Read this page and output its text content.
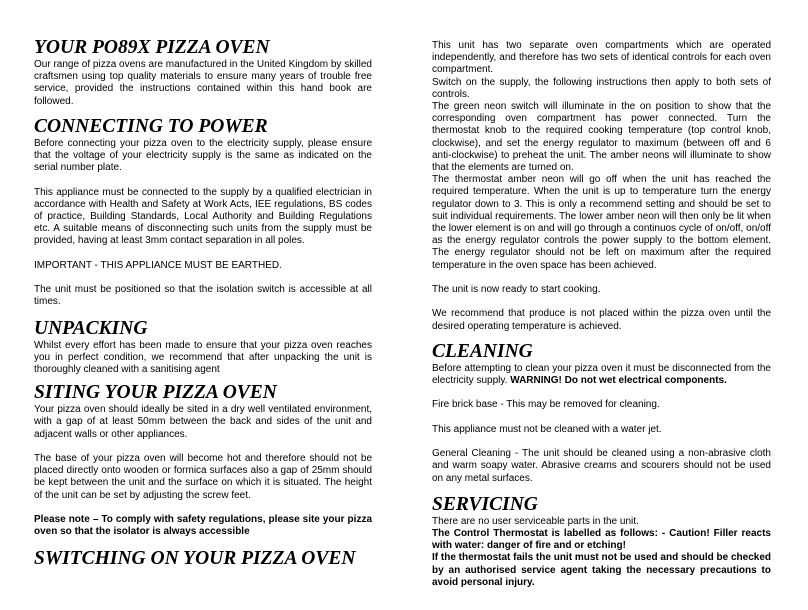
YOUR PO89X PIZZA OVEN

Our range of pizza ovens are manufactured in the United Kingdom by skilled craftsmen using top quality materials to ensure many years of trouble free service, provided the instructions contained within this hand book are followed.

CONNECTING TO POWER

Before connecting your pizza oven to the electricity supply, please ensure that the voltage of your electricity supply is the same as indicated on the serial number plate.

This appliance must be connected to the supply by a qualified electrician in accordance with Health and Safety at Work Acts, IEE regulations, BS codes of practice, Building Standards, Local Authority and Building Regulations etc. A suitable means of disconnecting such units from the supply must be provided, having at least 3mm contact separation in all poles.

IMPORTANT - THIS APPLIANCE MUST BE EARTHED.

The unit must be positioned so that the isolation switch is accessible at all times.

UNPACKING

Whilst every effort has been made to ensure that your pizza oven reaches you in perfect condition, we recommend that after unpacking the unit is thoroughly cleaned with a sanitising agent

SITING YOUR PIZZA OVEN

Your pizza oven should ideally be sited in a dry well ventilated environment, with a gap of at least 50mm between the back and sides of the unit and adjacent walls or other appliances.

The base of your pizza oven will become hot and therefore should not be placed directly onto wooden or formica surfaces also a gap of 25mm should be kept between the unit and the surface on which it is situated. The height of the unit can be set by adjusting the screw feet.

Please note – To comply with safety regulations, please site your pizza oven so that the isolator is always accessible

SWITCHING ON YOUR PIZZA OVEN

This unit has two separate oven compartments which are operated independently, and therefore has two sets of identical controls for each oven compartment.

Switch on the supply, the following instructions then apply to both sets of controls.

The green neon switch will illuminate in the on position to show that the corresponding oven compartment has power connected. Turn the thermostat knob to the required cooking temperature (top control knob, clockwise), and set the energy regulator to maximum (between off and 6 anti-clockwise) to preheat the unit. The amber neons will illuminate to show that the elements are turned on.

The thermostat amber neon will go off when the unit has reached the required temperature. When the unit is up to temperature turn the energy regulator down to 3. This is only a recommend setting and should be set to suit individual requirements. The lower amber neon will then only be lit when the lower element is on and will go through a continuos cycle of on/off, on/off as the energy regulator controls the power supply to the bottom element. The energy regulator should not be left on maximum after the required temperature in the oven space has been achieved.

The unit is now ready to start cooking.

We recommend that produce is not placed within the pizza oven until the desired operating temperature is achieved.

CLEANING

Before attempting to clean your pizza oven it must be disconnected from the electricity supply. WARNING! Do not wet electrical components.

Fire brick base - This may be removed for cleaning.

This appliance must not be cleaned with a water jet.

General Cleaning - The unit should be cleaned using a non-abrasive cloth and warm soapy water. Abrasive creams and scourers should not be used on any metal surfaces.

SERVICING

There are no user serviceable parts in the unit.

The Control Thermostat is labelled as follows: - Caution! Filler reacts with water: danger of fire and or etching!

If the thermostat fails the unit must not be used and should be checked by an authorised service agent taking the necessary precautions to avoid personal injury.
